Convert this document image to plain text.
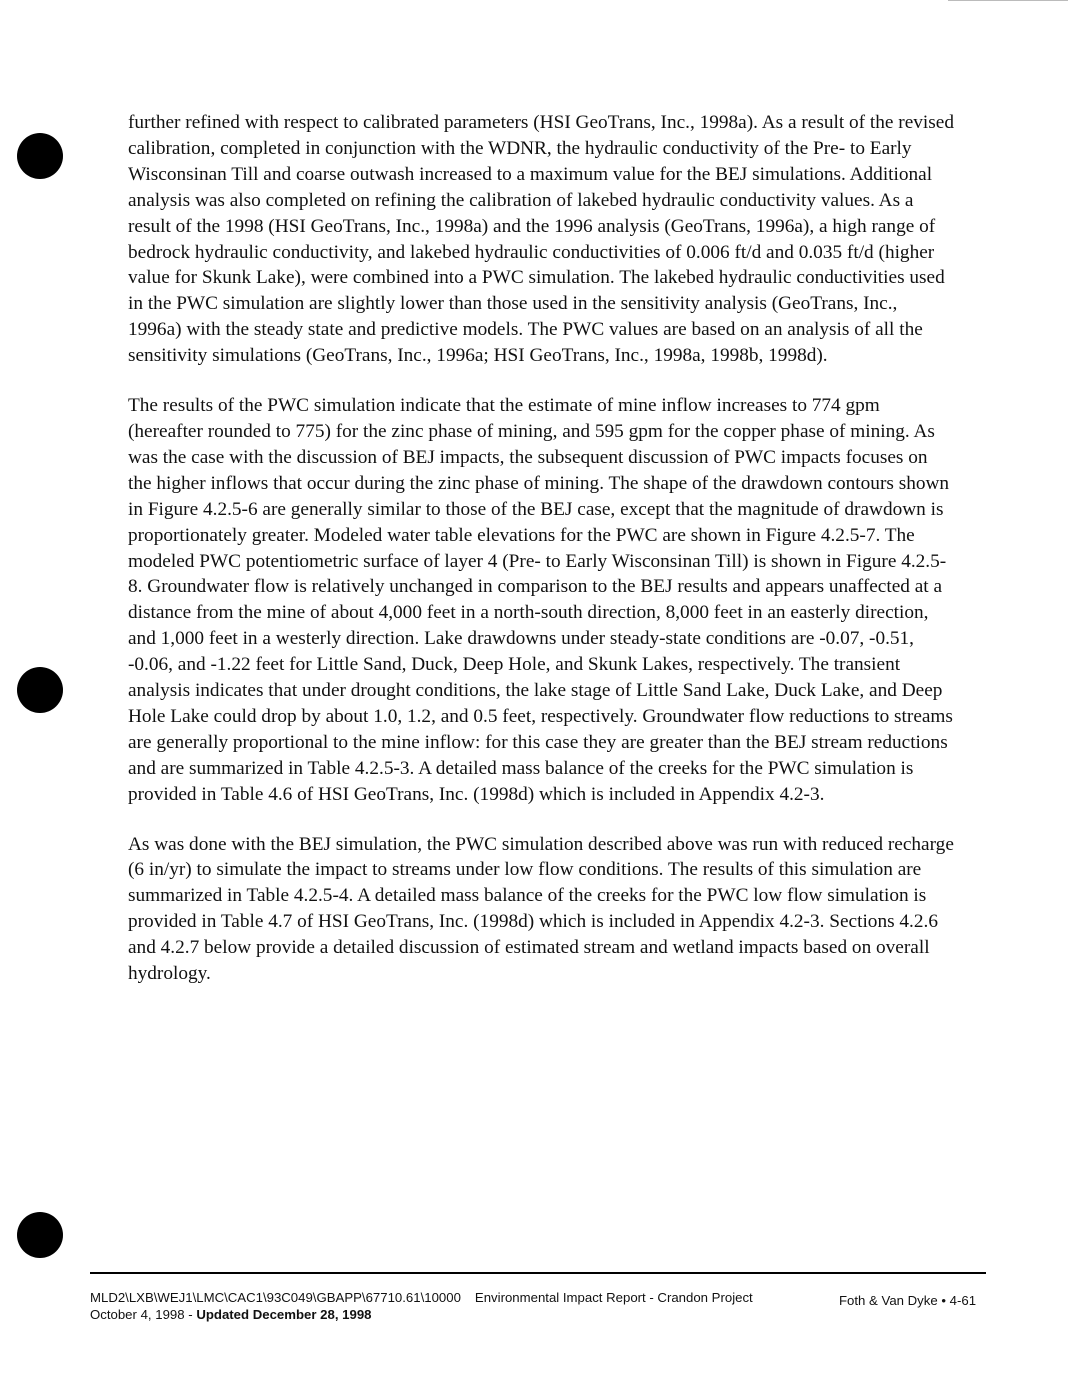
further refined with respect to calibrated parameters (HSI GeoTrans, Inc., 1998a). As a result of the revised calibration, completed in conjunction with the WDNR, the hydraulic conductivity of the Pre- to Early Wisconsinan Till and coarse outwash increased to a maximum value for the BEJ simulations. Additional analysis was also completed on refining the calibration of lakebed hydraulic conductivity values. As a result of the 1998 (HSI GeoTrans, Inc., 1998a) and the 1996 analysis (GeoTrans, 1996a), a high range of bedrock hydraulic conductivity, and lakebed hydraulic conductivities of 0.006 ft/d and 0.035 ft/d (higher value for Skunk Lake), were combined into a PWC simulation. The lakebed hydraulic conductivities used in the PWC simulation are slightly lower than those used in the sensitivity analysis (GeoTrans, Inc., 1996a) with the steady state and predictive models. The PWC values are based on an analysis of all the sensitivity simulations (GeoTrans, Inc., 1996a; HSI GeoTrans, Inc., 1998a, 1998b, 1998d).

The results of the PWC simulation indicate that the estimate of mine inflow increases to 774 gpm (hereafter rounded to 775) for the zinc phase of mining, and 595 gpm for the copper phase of mining. As was the case with the discussion of BEJ impacts, the subsequent discussion of PWC impacts focuses on the higher inflows that occur during the zinc phase of mining. The shape of the drawdown contours shown in Figure 4.2.5-6 are generally similar to those of the BEJ case, except that the magnitude of drawdown is proportionately greater. Modeled water table elevations for the PWC are shown in Figure 4.2.5-7. The modeled PWC potentiometric surface of layer 4 (Pre- to Early Wisconsinan Till) is shown in Figure 4.2.5-8. Groundwater flow is relatively unchanged in comparison to the BEJ results and appears unaffected at a distance from the mine of about 4,000 feet in a north-south direction, 8,000 feet in an easterly direction, and 1,000 feet in a westerly direction. Lake drawdowns under steady-state conditions are -0.07, -0.51, -0.06, and -1.22 feet for Little Sand, Duck, Deep Hole, and Skunk Lakes, respectively. The transient analysis indicates that under drought conditions, the lake stage of Little Sand Lake, Duck Lake, and Deep Hole Lake could drop by about 1.0, 1.2, and 0.5 feet, respectively. Groundwater flow reductions to streams are generally proportional to the mine inflow: for this case they are greater than the BEJ stream reductions and are summarized in Table 4.2.5-3. A detailed mass balance of the creeks for the PWC simulation is provided in Table 4.6 of HSI GeoTrans, Inc. (1998d) which is included in Appendix 4.2-3.

As was done with the BEJ simulation, the PWC simulation described above was run with reduced recharge (6 in/yr) to simulate the impact to streams under low flow conditions. The results of this simulation are summarized in Table 4.2.5-4. A detailed mass balance of the creeks for the PWC low flow simulation is provided in Table 4.7 of HSI GeoTrans, Inc. (1998d) which is included in Appendix 4.2-3. Sections 4.2.6 and 4.2.7 below provide a detailed discussion of estimated stream and wetland impacts based on overall hydrology.

MLD2\LXB\WEJ1\LMC\CAC1\93C049\GBAPP\67710.61\10000 Environmental Impact Report - Crandon Project
October 4, 1998 - Updated December 28, 1998
Foth & Van Dyke • 4-61
